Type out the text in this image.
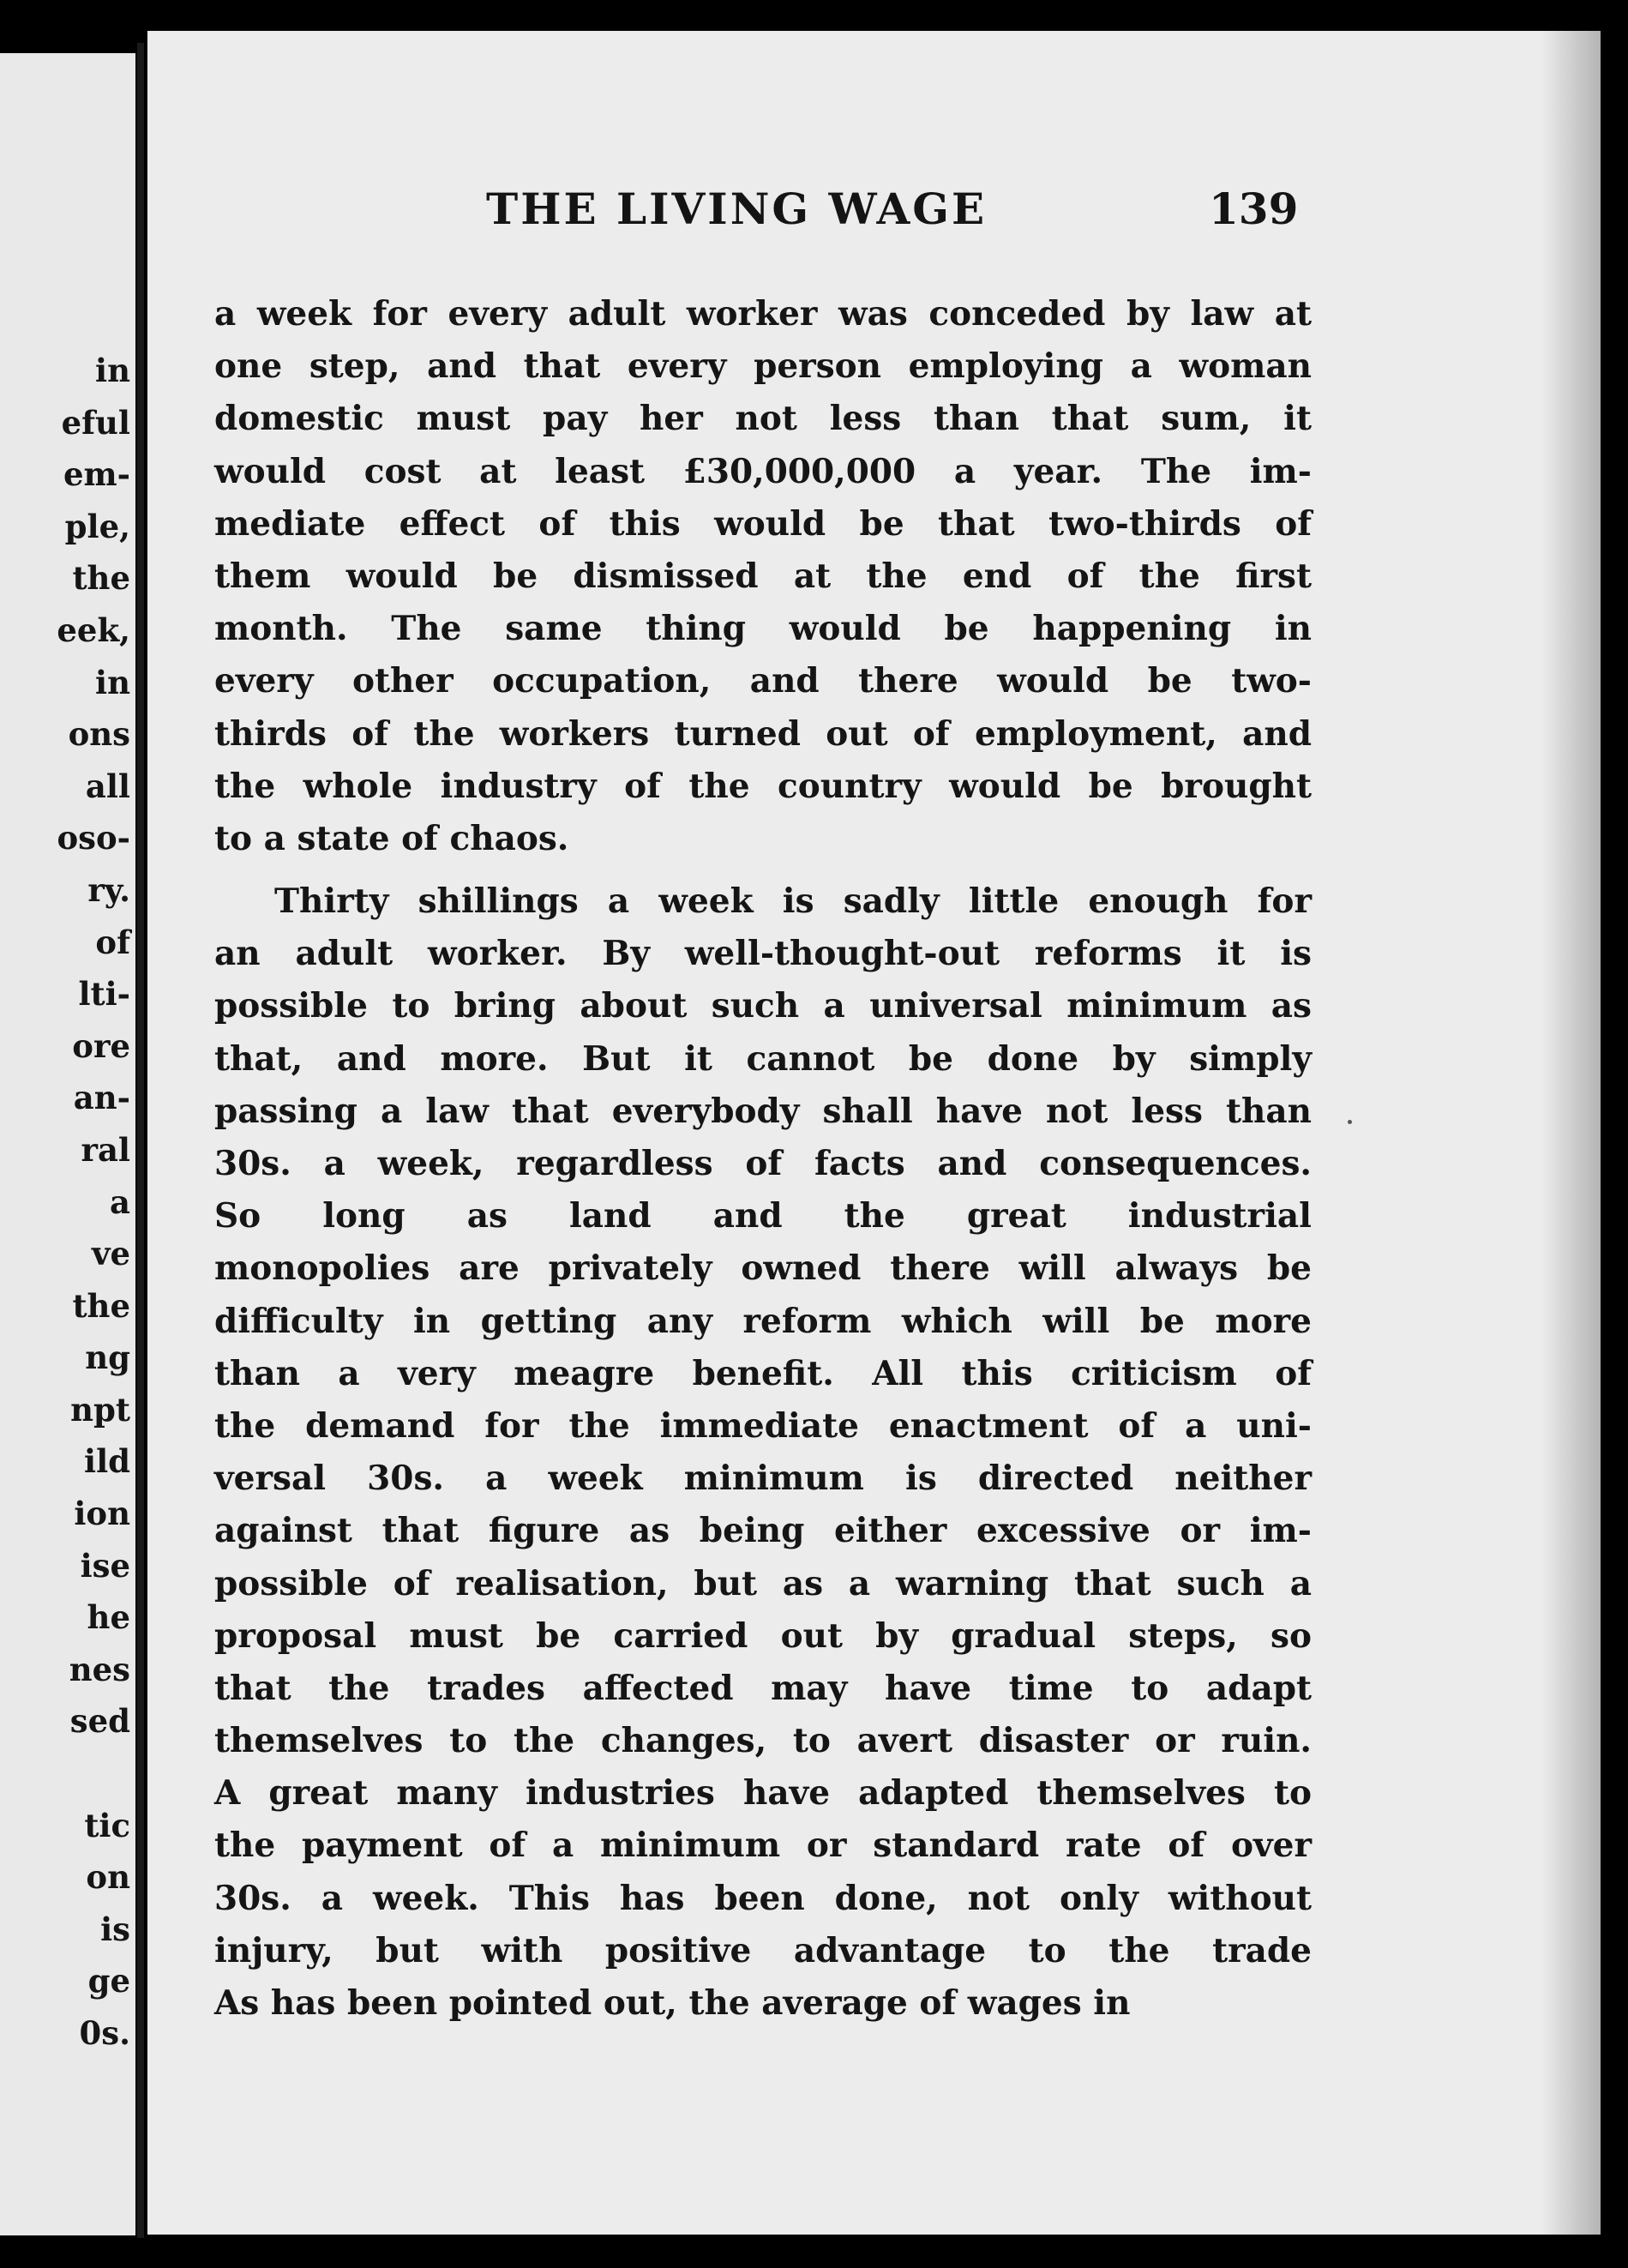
in
eful
em-
ple,
the
eek,
in
ons
all
oso-
ry.
of
lti-
ore
an-
ral
a
ve
the
ng
npt
ild
ion
ise
he
nes
sed
tic
on
is
ge
0s.
THE LIVING WAGE	139
a week for every adult worker was conceded by law at
one step, and that every person employing a woman
domestic must pay her not less than that sum, it
would cost at least £30,000,000 a year. The im-
mediate effect of this would be that two-thirds of
them would be dismissed at the end of the first
month. The same thing would be happening in
every other occupation, and there would be two-
thirds of the workers turned out of employment, and
the whole industry of the country would be brought
to a state of chaos.
Thirty shillings a week is sadly little enough for
an adult worker. By well-thought-out reforms it is
possible to bring about such a universal minimum as
that, and more. But it cannot be done by simply
passing a law that everybody shall have not less than
30s. a week, regardless of facts and consequences.
So long as land and the great industrial
monopolies are privately owned there will always be
difficulty in getting any reform which will be more
than a very meagre benefit. All this criticism of
the demand for the immediate enactment of a uni-
versal 30s. a week minimum is directed neither
against that figure as being either excessive or im-
possible of realisation, but as a warning that such a
proposal must be carried out by gradual steps, so
that the trades affected may have time to adapt
themselves to the changes, to avert disaster or ruin.
A great many industries have adapted themselves to
the payment of a minimum or standard rate of over
30s. a week. This has been done, not only without
injury, but with positive advantage to the trade
As has been pointed out, the average of wages in
